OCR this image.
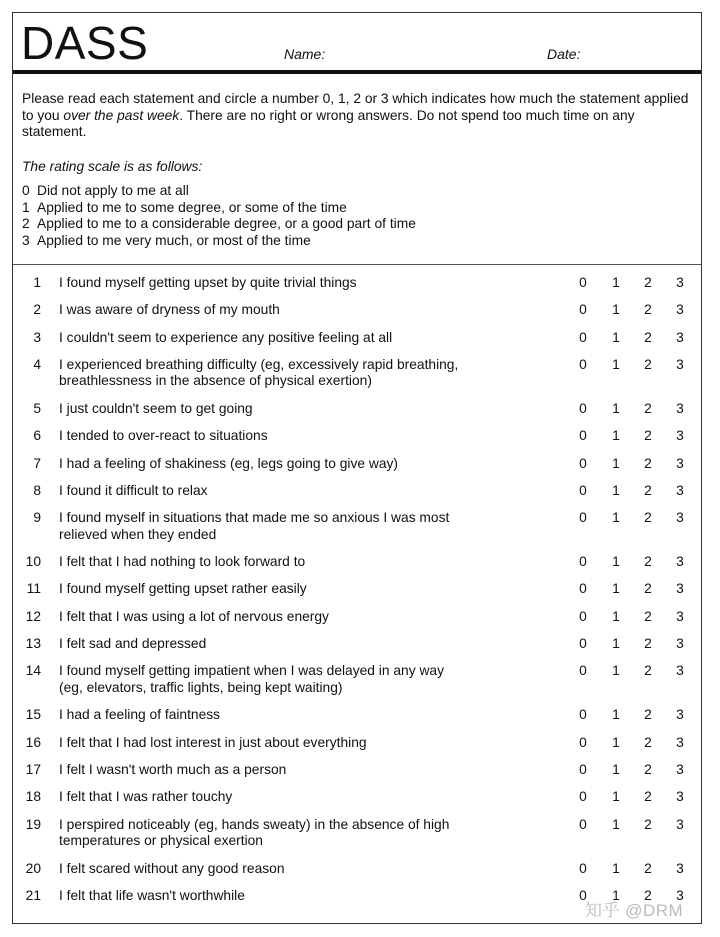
DASS	Name:	Date:

Please read each statement and circle a number 0, 1, 2 or 3 which indicates how much the statement applied to you over the past week. There are no right or wrong answers. Do not spend too much time on any statement.

The rating scale is as follows:

0 Did not apply to me at all
1 Applied to me to some degree, or some of the time
2 Applied to me to a considerable degree, or a good part of time
3 Applied to me very much, or most of the time
1 I found myself getting upset by quite trivial things	0 1 2 3
2 I was aware of dryness of my mouth	0 1 2 3
3 I couldn't seem to experience any positive feeling at all	0 1 2 3
4 I experienced breathing difficulty (eg, excessively rapid breathing,
breathlessness in the absence of physical exertion)
0 1 2 3
5 I just couldn't seem to get going	0 1 2 3
6 I tended to over-react to situations	0 1 2 3
7 I had a feeling of shakiness (eg, legs going to give way)	0 1 2 3
8 I found it difficult to relax	0 1 2 3
9 I found myself in situations that made me so anxious I was most
relieved when they ended
0 1 2 3
10 I felt that I had nothing to look forward to	0 1 2 3
11 I found myself getting upset rather easily	0 1 2 3
12 I felt that I was using a lot of nervous energy	0 1 2 3
13 I felt sad and depressed	0 1 2 3
14 I found myself getting impatient when I was delayed in any way
(eg, elevators, traffic lights, being kept waiting)
0 1 2 3
15 I had a feeling of faintness	0 1 2 3
16 I felt that I had lost interest in just about everything	0 1 2 3
17 I felt I wasn't worth much as a person	0 1 2 3
18 I felt that I was rather touchy	0 1 2 3
19 I perspired noticeably (eg, hands sweaty) in the absence of high
temperatures or physical exertion
0 1 2 3
20 I felt scared without any good reason	0 1 2 3
21 I felt that life wasn't worthwhile	0 1 2 3
知乎 @DRM
